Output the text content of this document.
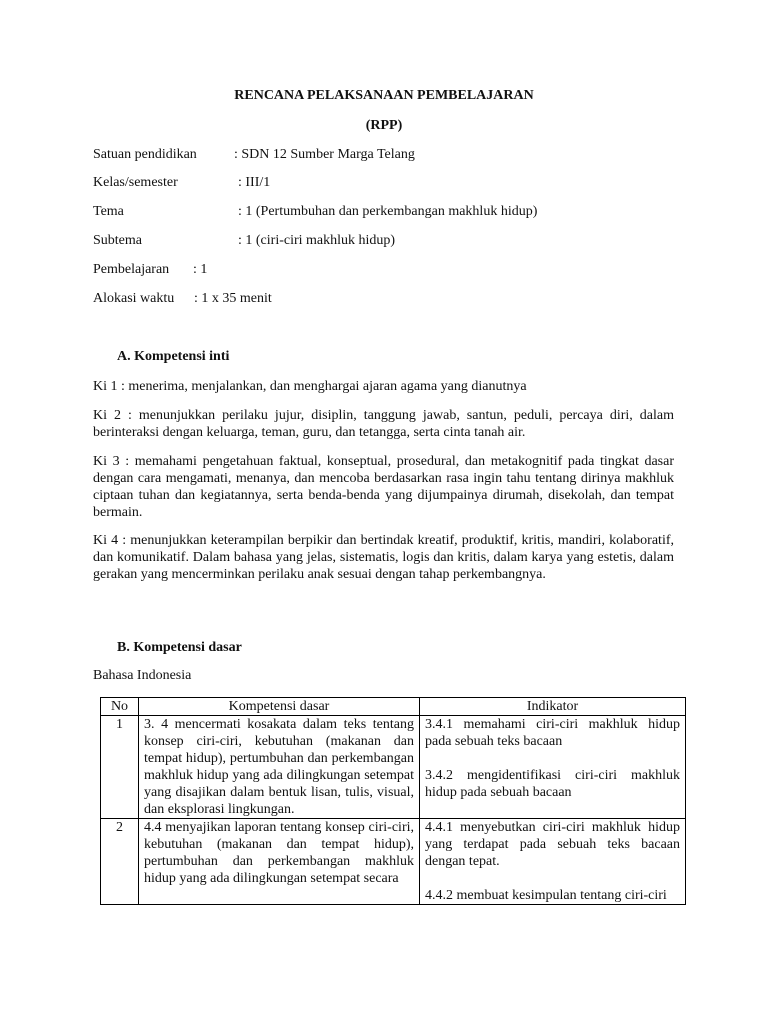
RENCANA PELAKSANAAN PEMBELAJARAN
(RPP)
Satuan pendidikan	: SDN 12 Sumber Marga Telang
Kelas/semester	: III/1
Tema	: 1 (Pertumbuhan dan perkembangan makhluk hidup)
Subtema	: 1 (ciri-ciri makhluk hidup)
Pembelajaran : 1
Alokasi waktu : 1 x 35 menit
A. Kompetensi inti
Ki 1 : menerima, menjalankan, dan menghargai ajaran agama yang dianutnya
Ki 2 : menunjukkan perilaku jujur, disiplin, tanggung jawab, santun, peduli, percaya diri, dalam berinteraksi dengan keluarga, teman, guru, dan tetangga, serta cinta tanah air.
Ki 3 : memahami pengetahuan faktual, konseptual, prosedural, dan metakognitif pada tingkat dasar dengan cara mengamati, menanya, dan mencoba berdasarkan rasa ingin tahu tentang dirinya makhluk ciptaan tuhan dan kegiatannya, serta benda-benda yang dijumpainya dirumah, disekolah, dan tempat bermain.
Ki 4 : menunjukkan keterampilan berpikir dan bertindak kreatif, produktif, kritis, mandiri, kolaboratif, dan komunikatif. Dalam bahasa yang jelas, sistematis, logis dan kritis, dalam karya yang estetis, dalam gerakan yang mencerminkan perilaku anak sesuai dengan tahap perkembangnya.
B. Kompetensi dasar
Bahasa Indonesia
No	Kompetensi dasar	Indikator
1	3. 4 mencermati kosakata dalam teks tentang konsep ciri-ciri, kebutuhan (makanan dan tempat hidup), pertumbuhan dan perkembangan makhluk hidup yang ada dilingkungan setempat yang disajikan dalam bentuk lisan, tulis, visual, dan eksplorasi lingkungan.	3.4.1 memahami ciri-ciri makhluk hidup pada sebuah teks bacaan
3.4.2 mengidentifikasi ciri-ciri makhluk hidup pada sebuah bacaan

2	4.4 menyajikan laporan tentang konsep ciri-ciri, kebutuhan (makanan dan tempat hidup), pertumbuhan dan perkembangan makhluk hidup yang ada dilingkungan setempat secara	4.4.1 menyebutkan ciri-ciri makhluk hidup yang terdapat pada sebuah teks bacaan dengan tepat.
4.4.2 membuat kesimpulan tentang ciri-ciri
